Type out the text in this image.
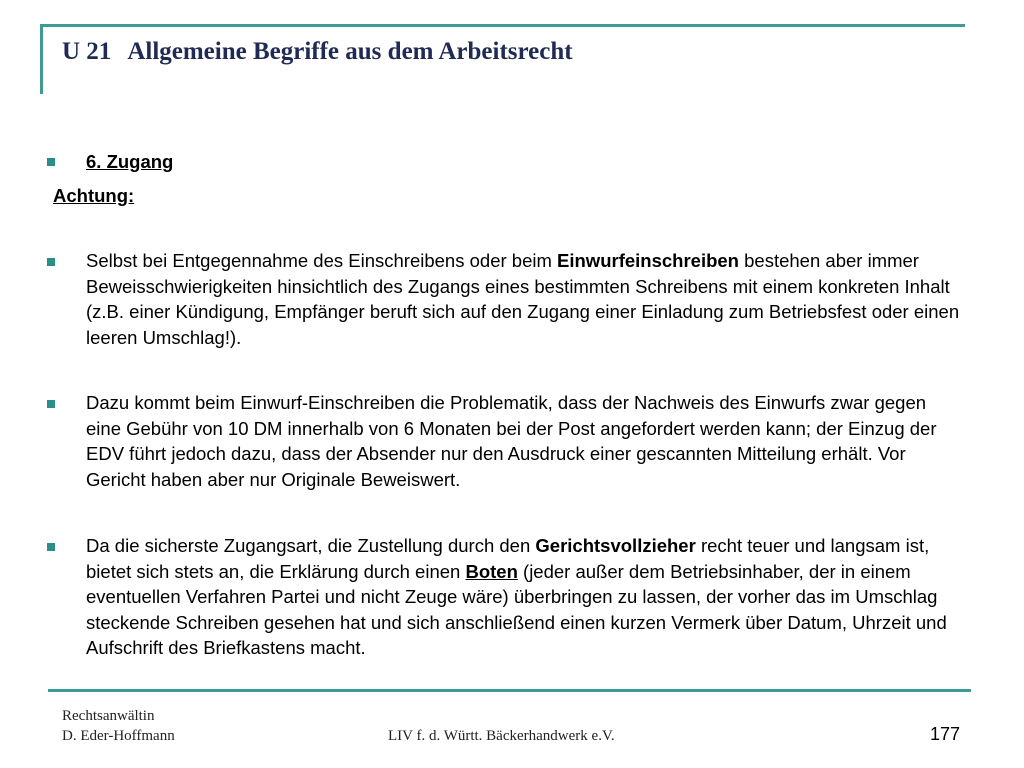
U 21 Allgemeine Begriffe aus dem Arbeitsrecht
6. Zugang
Achtung:
Selbst bei Entgegennahme des Einschreibens oder beim Einwurfeinschreiben bestehen aber immer Beweisschwierigkeiten hinsichtlich des Zugangs eines bestimmten Schreibens mit einem konkreten Inhalt (z.B. einer Kündigung, Empfänger beruft sich auf den Zugang einer Einladung zum Betriebsfest oder einen leeren Umschlag!).
Dazu kommt beim Einwurf-Einschreiben die Problematik, dass der Nachweis des Einwurfs zwar gegen eine Gebühr von 10 DM innerhalb von 6 Monaten bei der Post angefordert werden kann; der Einzug der EDV führt jedoch dazu, dass der Absender nur den Ausdruck einer gescannten Mitteilung erhält. Vor Gericht haben aber nur Originale Beweiswert.
Da die sicherste Zugangsart, die Zustellung durch den Gerichtsvollzieher recht teuer und langsam ist, bietet sich stets an, die Erklärung durch einen Boten (jeder außer dem Betriebsinhaber, der in einem eventuellen Verfahren Partei und nicht Zeuge wäre) überbringen zu lassen, der vorher das im Umschlag steckende Schreiben gesehen hat und sich anschließend einen kurzen Vermerk über Datum, Uhrzeit und Aufschrift des Briefkastens macht.
Rechtsanwältin
D. Eder-Hoffmann	LIV f. d. Württ. Bäckerhandwerk e.V.	177
